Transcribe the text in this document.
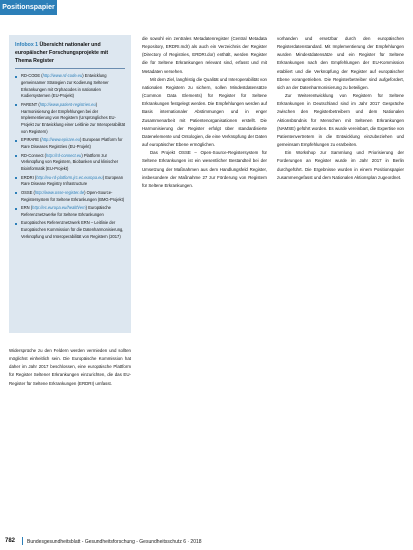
Positionspapier
Infobox 1 Übersicht nationaler und europäischer Forschungsprojekte mit Thema Register
RD-CODE (http://www.rd-code.eu) Entwicklung gemeinsamer Strategien zur Kodierung Seltener Erkrankungen mit Orphacodes in nationalen Kodiersystemen (EU-Projekt)
PARENT (http://www.patient-registries.eu) Harmonisierung der Empfehlungen bei der Implementierung von Registern (Ursprüngliches EU-Projekt zur Entwicklung einer Leitlinie zur Interoperabilität von Registern)
EPIRARE (http://www.epirare.eu) European Platform for Rare Diseases Registries (EU-Projekt)
RD-Connect (http://rd-connect.eu) Plattform zur Verknüpfung von Registern, Biobanken und klinischer Bioinformatik (EU-Projekt)
ERDRI (http://eu-rd-platform.jrc.ec.europa.eu) European Rare Disease Registry Infrastructure
OSSE (http://www.osse-register.de) Open-Source-Registersystem für Seltene Erkrankungen (BMG-Projekt)
ERN (http://ec.europa.eu/health/ern) Europäische Referenznetzwerke für Seltene Erkrankungen
Europäisches Referenznetzwerk ERN – Leitlinie der Europäischen Kommission für die Datenharmonisierung, Verknüpfung und Interoperabilität von Registern (2017)

Widersprüche zu den Feldern werden vermieden und sollten möglichst einheitlich sein. Die Europäische Kommission hat daher im Jahr 2017 beschlossen, eine europäische Plattform für Register Seltener Erkrankungen einzurichten, die das EU-Register für Seltene Erkrankungen (ERDRI) umfasst.

die sowohl ein zentrales Metadatenregister (Central Metadata Repository, ERDRI.mdr) als auch ein Verzeichnis der Register (Directory of Registries, ERDRI.dor) enthält, werden Register die für Seltene Erkrankungen relevant sind, erfasst und mit Metadaten versehen.

Mit dem Ziel, langfristig die Qualität und Interoperabilität von nationalen Registern zu sichern, sollen Mindestdatensätze (Common Data Elements) für Register für Seltene Erkrankungen festgelegt werden. Die Empfehlungen werden auf Basis internationaler Abstimmungen und in enger Zusammenarbeit mit Patientenorganisationen erstellt. Die Harmonisierung der Register erfolgt über standardisierte Datenelemente und Ontologien, die eine Verknüpfung der Daten auf europäischer Ebene ermöglichen.

Das Projekt OSSE – Open-Source-Registersystem für Seltene Erkrankungen ist ein wesentlicher Bestandteil bei der Umsetzung der Maßnahmen aus dem Handlungsfeld Register, insbesondere der Maßnahme 27 zur Förderung von Registern für Seltene Erkrankungen.

vorhanden und ersetzbar durch den europäischen Registerdatenstandard. Mit Implementierung der Empfehlungen wurden Mindestdatensätze und ein Register für Seltene Erkrankungen nach den Empfehlungen der EU-Kommission etabliert und die Verknüpfung der Register auf europäischer Ebene vorangetrieben. Die Registerbetreiber sind aufgefordert, sich an der Datenharmonisierung zu beteiligen.

Zur Weiterentwicklung von Registern für Seltene Erkrankungen in Deutschland sind im Jahr 2017 Gespräche zwischen den Registerbetreibern und dem Nationalen Aktionsbündnis für Menschen mit Seltenen Erkrankungen (NAMSE) geführt worden. Es wurde vereinbart, die Expertise von Patientenvertretern in die Entwicklung einzubeziehen und gemeinsam Empfehlungen zu erarbeiten.

Ein Workshop zur Sammlung und Priorisierung der Forderungen an Register wurde im Jahr 2017 in Berlin durchgeführt. Die Ergebnisse wurden in einem Positionspapier zusammengefasst und dem Nationalen Aktionsplan zugeordnet.

782 Bundesgesundheitsblatt - Gesundheitsforschung - Gesundheitsschutz 6 · 2018
